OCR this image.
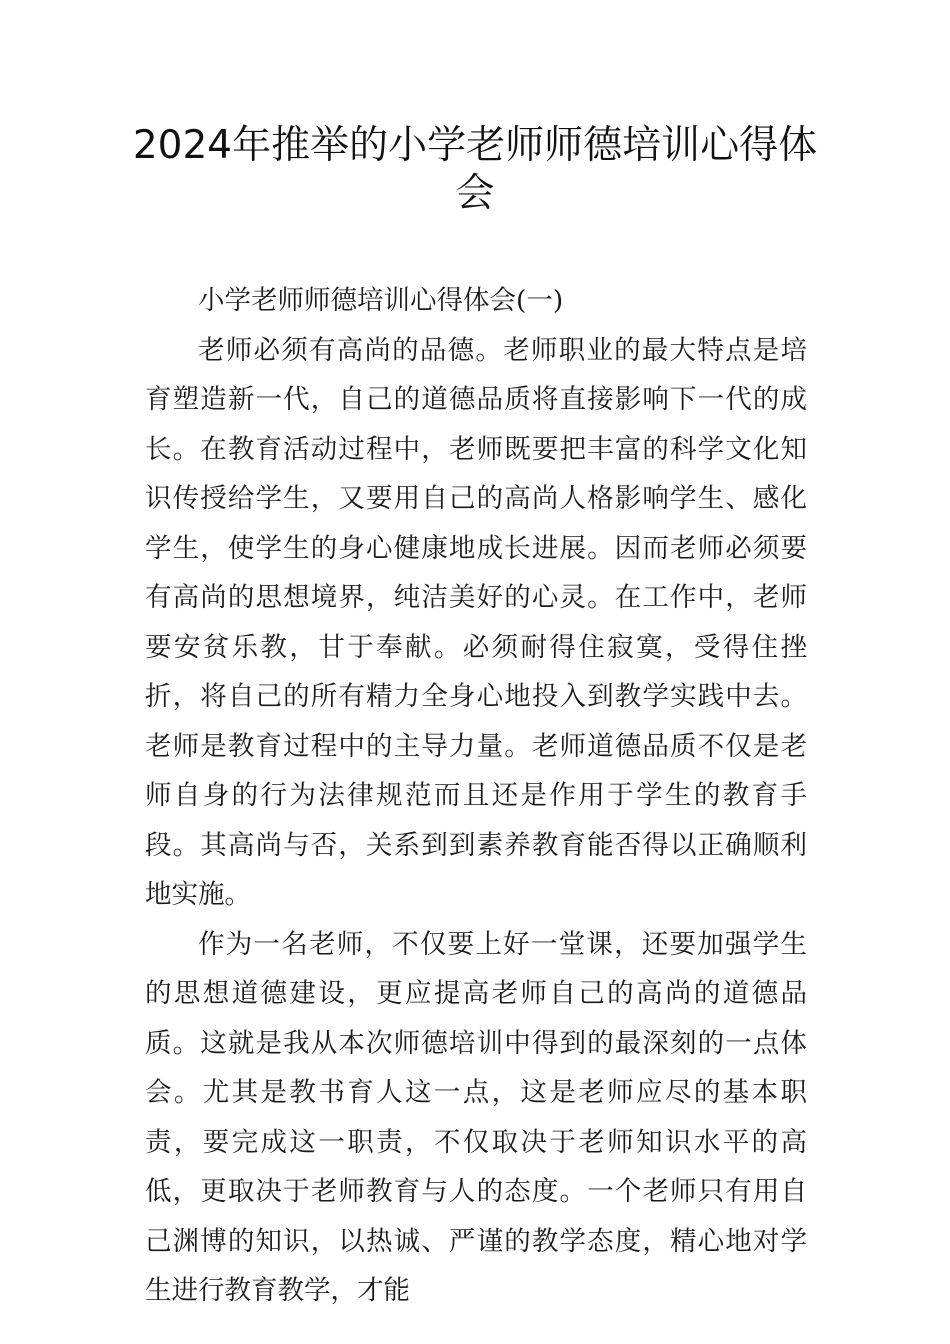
2024年推举的小学老师师德培训心得体会

小学老师师德培训心得体会(一)

老师必须有高尚的品德。老师职业的最大特点是培育塑造新一代，自己的道德品质将直接影响下一代的成长。在教育活动过程中，老师既要把丰富的科学文化知识传授给学生，又要用自己的高尚人格影响学生、感化学生，使学生的身心健康地成长进展。因而老师必须要有高尚的思想境界，纯洁美好的心灵。在工作中，老师要安贫乐教，甘于奉献。必须耐得住寂寞，受得住挫折，将自己的所有精力全身心地投入到教学实践中去。老师是教育过程中的主导力量。老师道德品质不仅是老师自身的行为法律规范而且还是作用于学生的教育手段。其高尚与否，关系到到素养教育能否得以正确顺利地实施。

作为一名老师，不仅要上好一堂课，还要加强学生的思想道德建设，更应提高老师自己的高尚的道德品质。这就是我从本次师德培训中得到的最深刻的一点体会。尤其是教书育人这一点，这是老师应尽的基本职责，要完成这一职责，不仅取决于老师知识水平的高低，更取决于老师教育与人的态度。一个老师只有用自己渊博的知识，以热诚、严谨的教学态度，精心地对学生进行教育教学，才能
